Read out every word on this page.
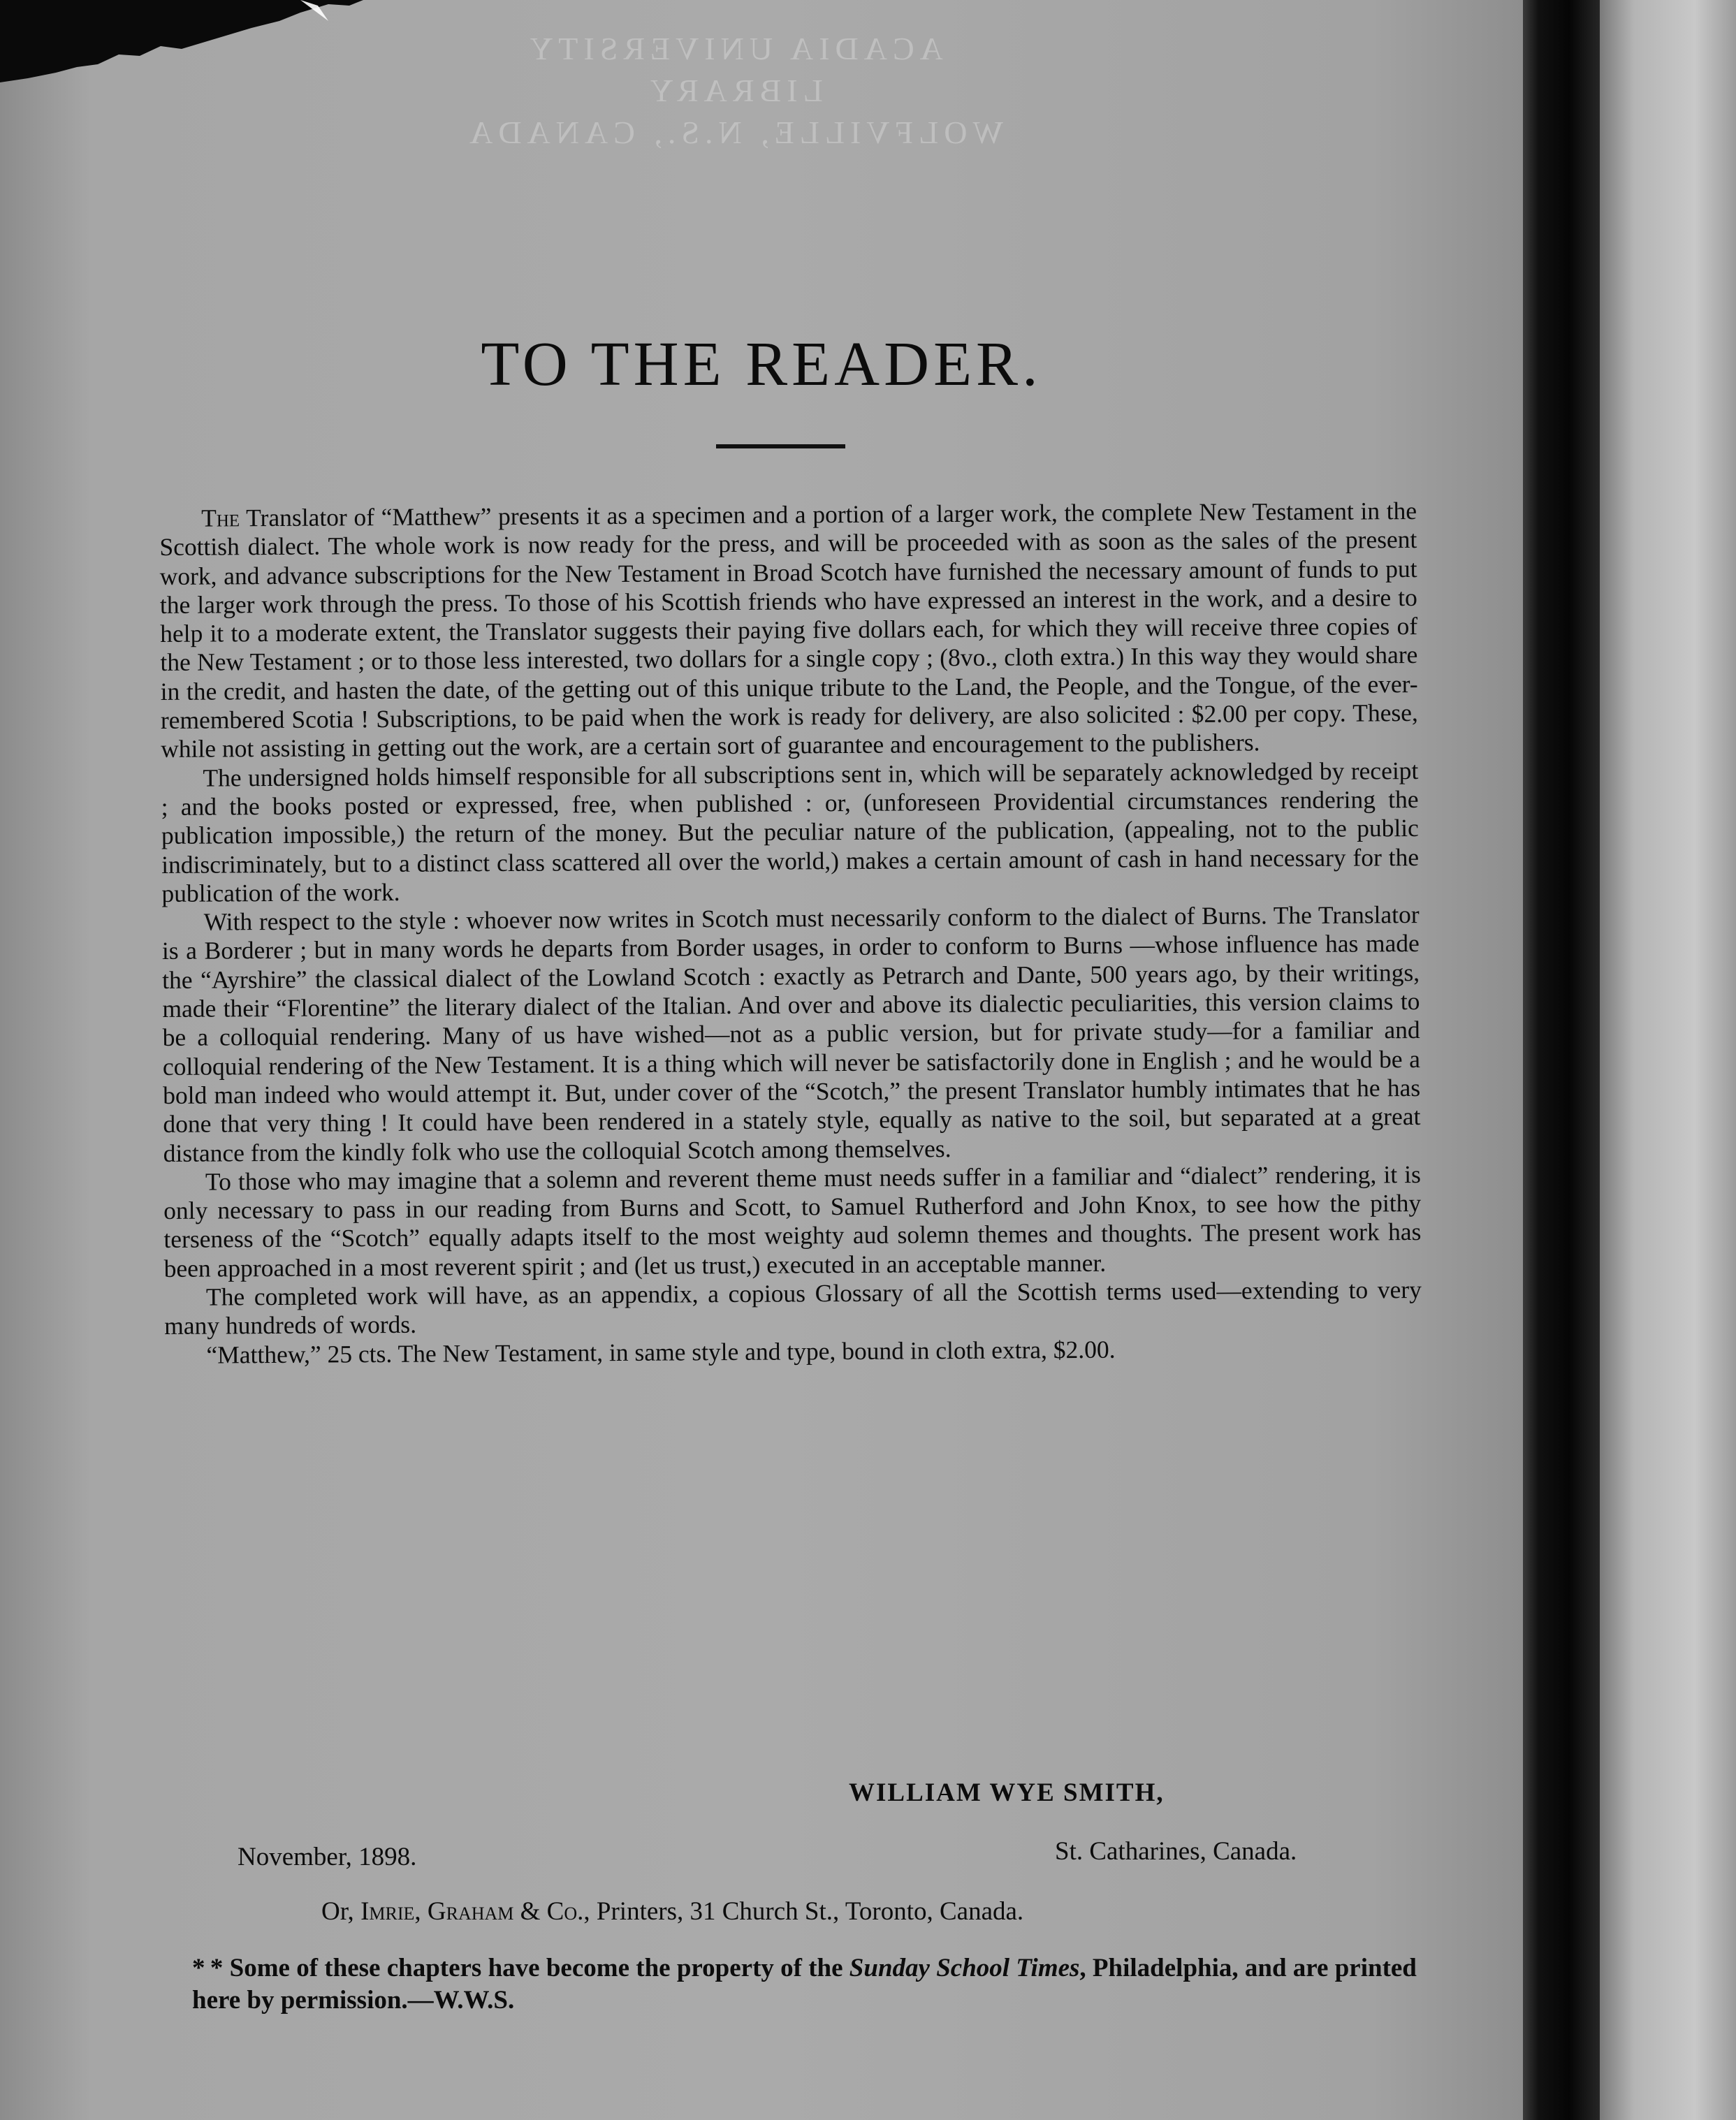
ACADIA UNIVERSITY LIBRARY
WOLFVILLE, N.S., CANADA
TO THE READER.

The Translator of “Matthew” presents it as a specimen and a portion of a larger work, the complete New Testament in the Scottish dialect. The whole work is now ready for the press, and will be proceeded with as soon as the sales of the present work, and advance subscriptions for the New Testament in Broad Scotch have furnished the necessary amount of funds to put the larger work through the press. To those of his Scottish friends who have expressed an interest in the work, and a desire to help it to a moderate extent, the Translator suggests their paying five dollars each, for which they will receive three copies of the New Testament ; or to those less interested, two dollars for a single copy ; (8vo., cloth extra.) In this way they would share in the credit, and hasten the date, of the getting out of this unique tribute to the Land, the People, and the Tongue, of the ever-remembered Scotia ! Subscriptions, to be paid when the work is ready for delivery, are also solicited : $2.00 per copy. These, while not assisting in getting out the work, are a certain sort of guarantee and encouragement to the publishers.

The undersigned holds himself responsible for all subscriptions sent in, which will be separately acknowledged by receipt ; and the books posted or expressed, free, when published : or, (unforeseen Providential circumstances rendering the publication impossible,) the return of the money. But the peculiar nature of the publication, (appealing, not to the public indiscriminately, but to a distinct class scattered all over the world,) makes a certain amount of cash in hand necessary for the publication of the work.

With respect to the style : whoever now writes in Scotch must necessarily conform to the dialect of Burns. The Translator is a Borderer ; but in many words he departs from Border usages, in order to conform to Burns —whose influence has made the “Ayrshire” the classical dialect of the Lowland Scotch : exactly as Petrarch and Dante, 500 years ago, by their writings, made their “Florentine” the literary dialect of the Italian. And over and above its dialectic peculiarities, this version claims to be a colloquial rendering. Many of us have wished—not as a public version, but for private study—for a familiar and colloquial rendering of the New Testament. It is a thing which will never be satisfactorily done in English ; and he would be a bold man indeed who would attempt it. But, under cover of the “Scotch,” the present Translator humbly intimates that he has done that very thing ! It could have been rendered in a stately style, equally as native to the soil, but separated at a great distance from the kindly folk who use the colloquial Scotch among themselves.

To those who may imagine that a solemn and reverent theme must needs suffer in a familiar and “dialect” rendering, it is only necessary to pass in our reading from Burns and Scott, to Samuel Rutherford and John Knox, to see how the pithy terseness of the “Scotch” equally adapts itself to the most weighty aud solemn themes and thoughts. The present work has been approached in a most reverent spirit ; and (let us trust,) executed in an acceptable manner.

The completed work will have, as an appendix, a copious Glossary of all the Scottish terms used—extending to very many hundreds of words.

“Matthew,” 25 cts. The New Testament, in same style and type, bound in cloth extra, $2.00.

WILLIAM WYE SMITH,
November, 1898.	St. Catharines, Canada.
Or, Imrie, Graham & Co., Printers, 31 Church St., Toronto, Canada.
* * Some of these chapters have become the property of the Sunday School Times, Philadelphia, and are printed here by permission.—W.W.S.
